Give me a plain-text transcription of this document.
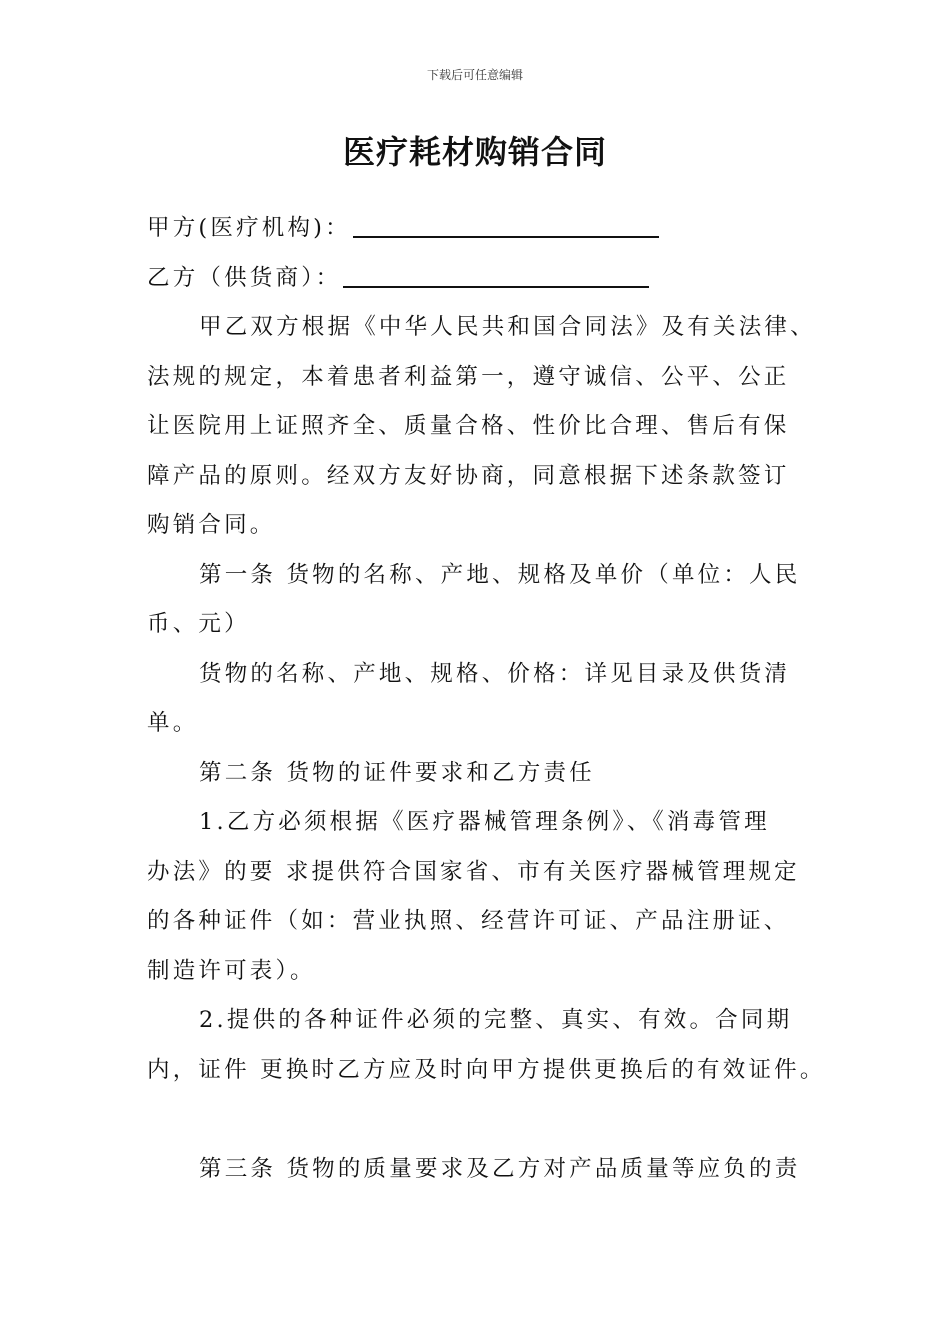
下载后可任意编辑
医疗耗材购销合同
甲方(医疗机构)：
乙方（供货商）：
甲乙双方根据《中华人民共和国合同法》及有关法律、
法规的规定，本着患者利益第一，遵守诚信、公平、公正
让医院用上证照齐全、质量合格、性价比合理、售后有保
障产品的原则。经双方友好协商，同意根据下述条款签订
购销合同。
第一条 货物的名称、产地、规格及单价（单位：人民
币、元）
货物的名称、产地、规格、价格：详见目录及供货清
单。
第二条 货物的证件要求和乙方责任
1.乙方必须根据《医疗器械管理条例》、《消毒管理
办法》的要 求提供符合国家省、市有关医疗器械管理规定
的各种证件（如：营业执照、经营许可证、产品注册证、
制造许可表）。
2.提供的各种证件必须的完整、真实、有效。合同期
内，证件 更换时乙方应及时向甲方提供更换后的有效证件。
第三条 货物的质量要求及乙方对产品质量等应负的责
